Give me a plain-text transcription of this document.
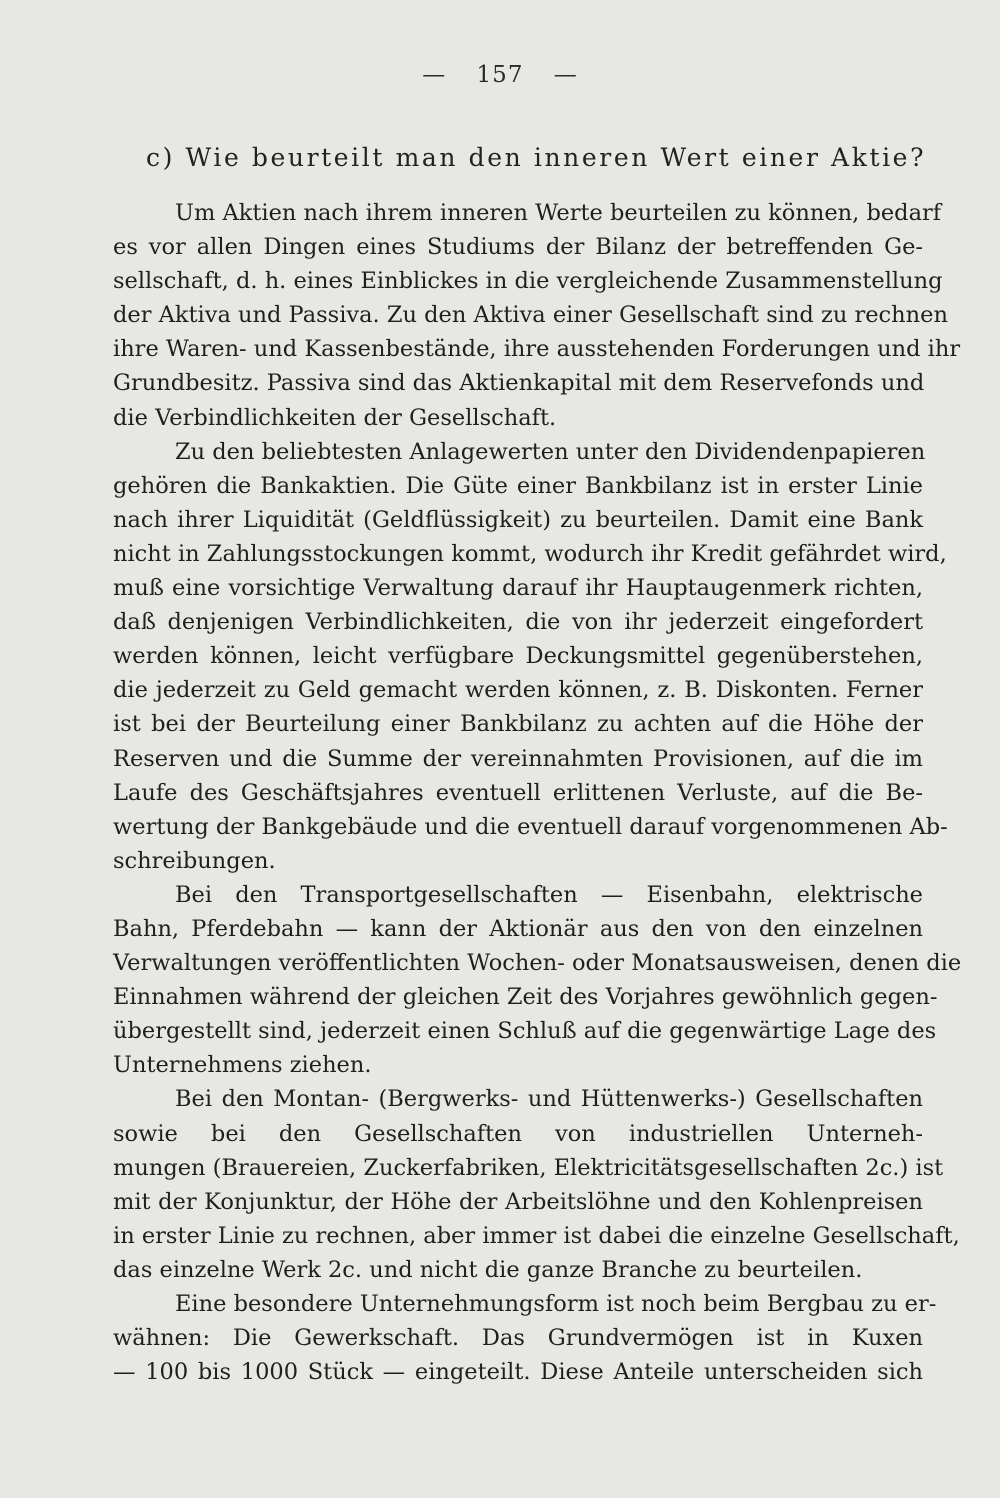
— 157 —
c) Wie beurteilt man den inneren Wert einer Aktie?
Um Aktien nach ihrem inneren Werte beurteilen zu können, bedarf
es vor allen Dingen eines Studiums der Bilanz der betreffenden Ge-
sellschaft, d. h. eines Einblickes in die vergleichende Zusammenstellung
der Aktiva und Passiva. Zu den Aktiva einer Gesellschaft sind zu rechnen
ihre Waren- und Kassenbestände, ihre ausstehenden Forderungen und ihr
Grundbesitz. Passiva sind das Aktienkapital mit dem Reservefonds und
die Verbindlichkeiten der Gesellschaft.
Zu den beliebtesten Anlagewerten unter den Dividendenpapieren
gehören die Bankaktien. Die Güte einer Bankbilanz ist in erster Linie
nach ihrer Liquidität (Geldflüssigkeit) zu beurteilen. Damit eine Bank
nicht in Zahlungsstockungen kommt, wodurch ihr Kredit gefährdet wird,
muß eine vorsichtige Verwaltung darauf ihr Hauptaugenmerk richten,
daß denjenigen Verbindlichkeiten, die von ihr jederzeit eingefordert
werden können, leicht verfügbare Deckungsmittel gegenüberstehen,
die jederzeit zu Geld gemacht werden können, z. B. Diskonten. Ferner
ist bei der Beurteilung einer Bankbilanz zu achten auf die Höhe der
Reserven und die Summe der vereinnahmten Provisionen, auf die im
Laufe des Geschäftsjahres eventuell erlittenen Verluste, auf die Be-
wertung der Bankgebäude und die eventuell darauf vorgenommenen Ab-
schreibungen.
Bei den Transportgesellschaften — Eisenbahn, elektrische
Bahn, Pferdebahn — kann der Aktionär aus den von den einzelnen
Verwaltungen veröffentlichten Wochen- oder Monatsausweisen, denen die
Einnahmen während der gleichen Zeit des Vorjahres gewöhnlich gegen-
übergestellt sind, jederzeit einen Schluß auf die gegenwärtige Lage des
Unternehmens ziehen.
Bei den Montan- (Bergwerks- und Hüttenwerks-) Gesellschaften
sowie bei den Gesellschaften von industriellen Unterneh-
mungen (Brauereien, Zuckerfabriken, Elektricitätsgesellschaften 2c.) ist
mit der Konjunktur, der Höhe der Arbeitslöhne und den Kohlenpreisen
in erster Linie zu rechnen, aber immer ist dabei die einzelne Gesellschaft,
das einzelne Werk 2c. und nicht die ganze Branche zu beurteilen.
Eine besondere Unternehmungsform ist noch beim Bergbau zu er-
wähnen: Die Gewerkschaft. Das Grundvermögen ist in Kuxen
— 100 bis 1000 Stück — eingeteilt. Diese Anteile unterscheiden sich
